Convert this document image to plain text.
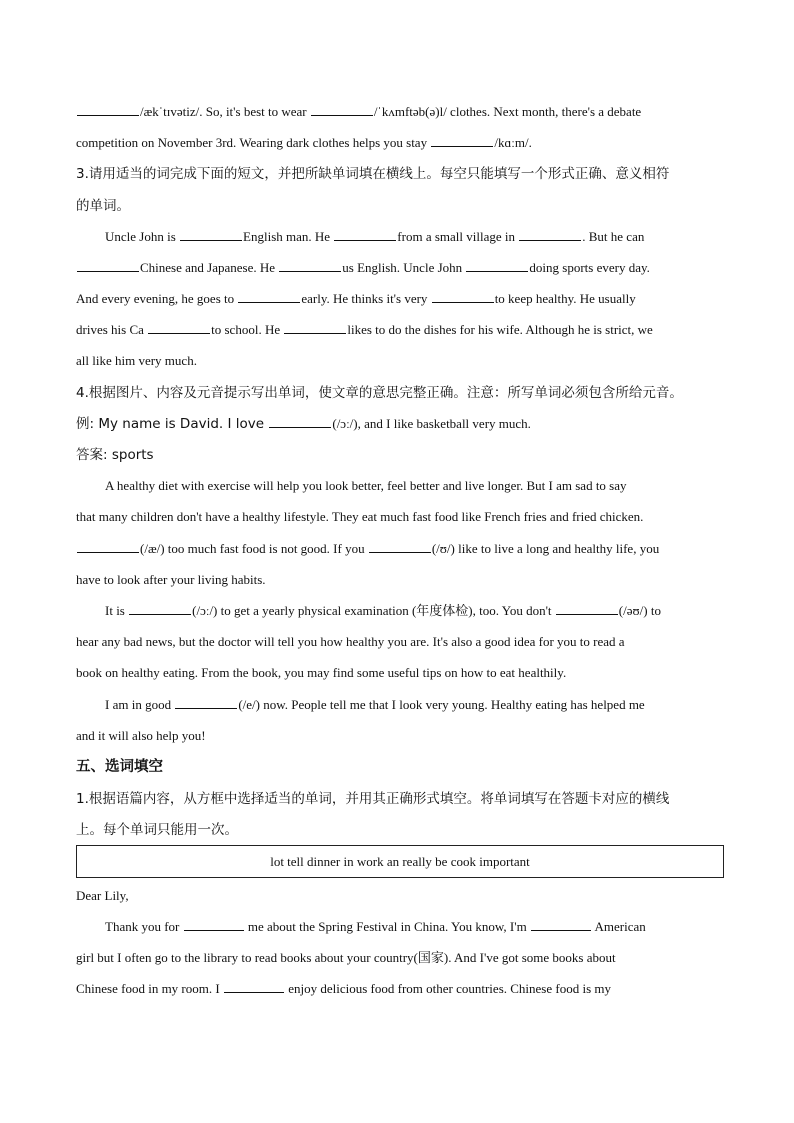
/ækˈtɪvətiz/. So, it's best to wear	/ˈkʌmftəb(ə)l/ clothes. Next month, there's a debate
competition on November 3rd. Wearing dark clothes helps you stay	/kɑːm/.
3.请用适当的词完成下面的短文，并把所缺单词填在横线上。每空只能填写一个形式正确、意义相符
的单词。
Uncle John is	English man. He	from a small village in	. But he can
Chinese and Japanese. He	us English. Uncle John	doing sports every day.
And every evening, he goes to	early. He thinks it's very	to keep healthy. He usually
drives his Ca	to school. He	likes to do the dishes for his wife. Although he is strict, we
all like him very much.
4.根据图片、内容及元音提示写出单词，使文章的意思完整正确。注意：所写单词必须包含所给元音。
例: My name is David. I love	(/ɔː/), and I like basketball very much.
答案: sports
A healthy diet with exercise will help you look better, feel better and live longer. But I am sad to say
that many children don't have a healthy lifestyle. They eat much fast food like French fries and fried chicken.
(/æ/) too much fast food is not good. If you	(/ʊ/) like to live a long and healthy life, you
have to look after your living habits.
It is	(/ɔː/) to get a yearly physical examination (年度体检), too. You don't	(/əʊ/) to
hear any bad news, but the doctor will tell you how healthy you are. It's also a good idea for you to read a
book on healthy eating. From the book, you may find some useful tips on how to eat healthily.
I am in good	(/e/) now. People tell me that I look very young. Healthy eating has helped me
and it will also help you!
五、选词填空
1.根据语篇内容，从方框中选择适当的单词，并用其正确形式填空。将单词填写在答题卡对应的横线
上。每个单词只能用一次。
lot tell dinner in work an really be cook important
Dear Lily,
Thank you for	me about the Spring Festival in China. You know, I'm	American
girl but I often go to the library to read books about your country(国家). And I've got some books about
Chinese food in my room. I	enjoy delicious food from other countries. Chinese food is my
